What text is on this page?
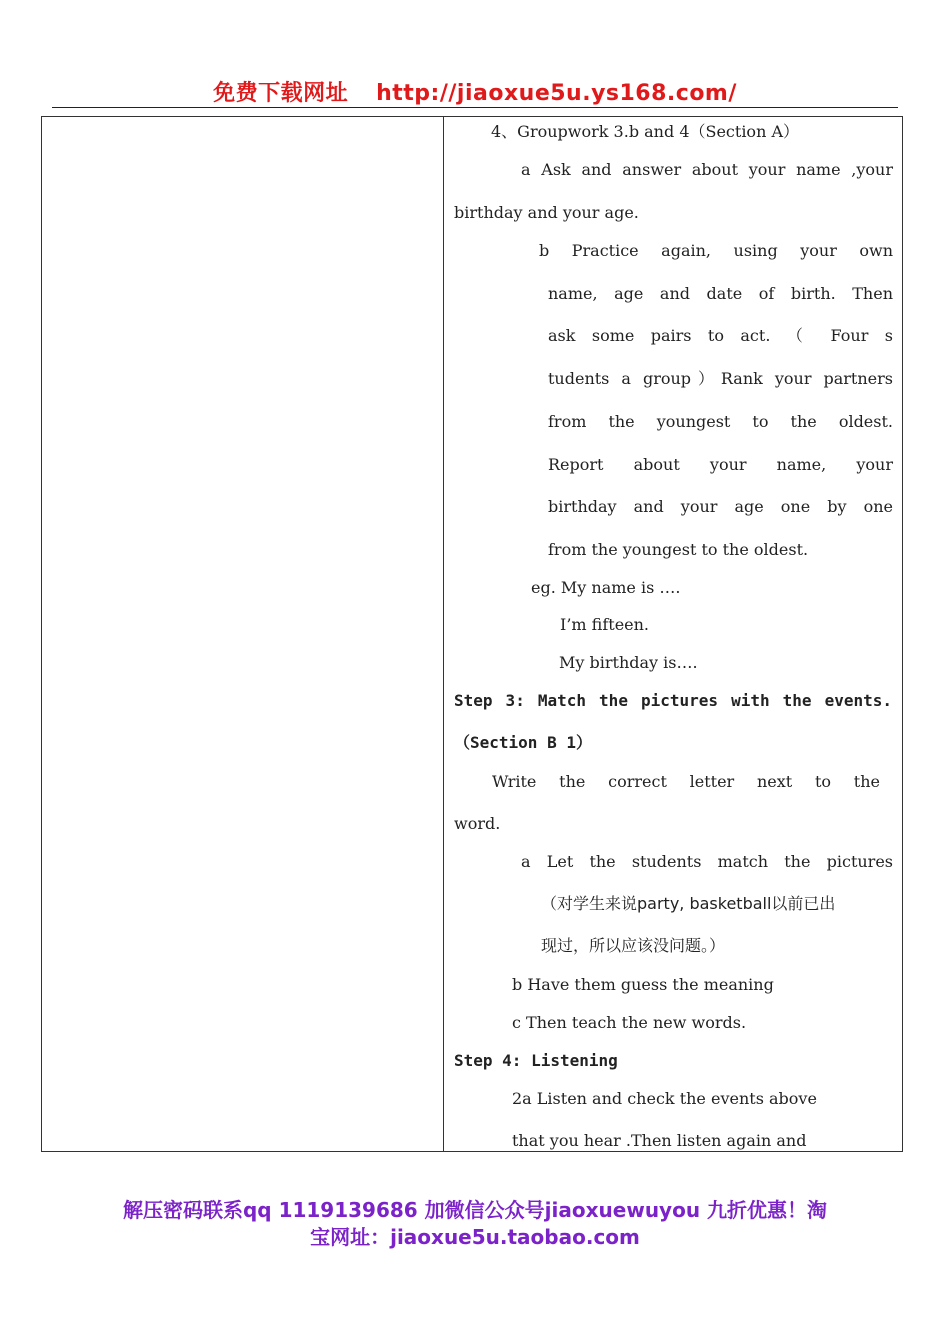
免费下载网址 http://jiaoxue5u.ys168.com/
4、Groupwork 3.b and 4（Section A）
a Ask and answer about your name ,your
birthday and your age.
b Practice again, using your own
name, age and date of birth. Then
ask some pairs to act. （ Four s
tudents a group）Rank your partners
from the youngest to the oldest.
Report about your name, your
birthday and your age one by one
from the youngest to the oldest.
eg. My name is ….
I’m fifteen.
My birthday is….
Step 3: Match the pictures with the events.
（Section B 1）
Write the correct letter next to the
word.
a Let the students match the pictures
（对学生来说party, basketball以前已出
现过，所以应该没问题。）
b Have them guess the meaning
c Then teach the new words.
Step 4: Listening
2a Listen and check the events above
that you hear .Then listen again and
解压密码联系qq 1119139686 加微信公众号jiaoxuewuyou 九折优惠！淘
宝网址：jiaoxue5u.taobao.com
